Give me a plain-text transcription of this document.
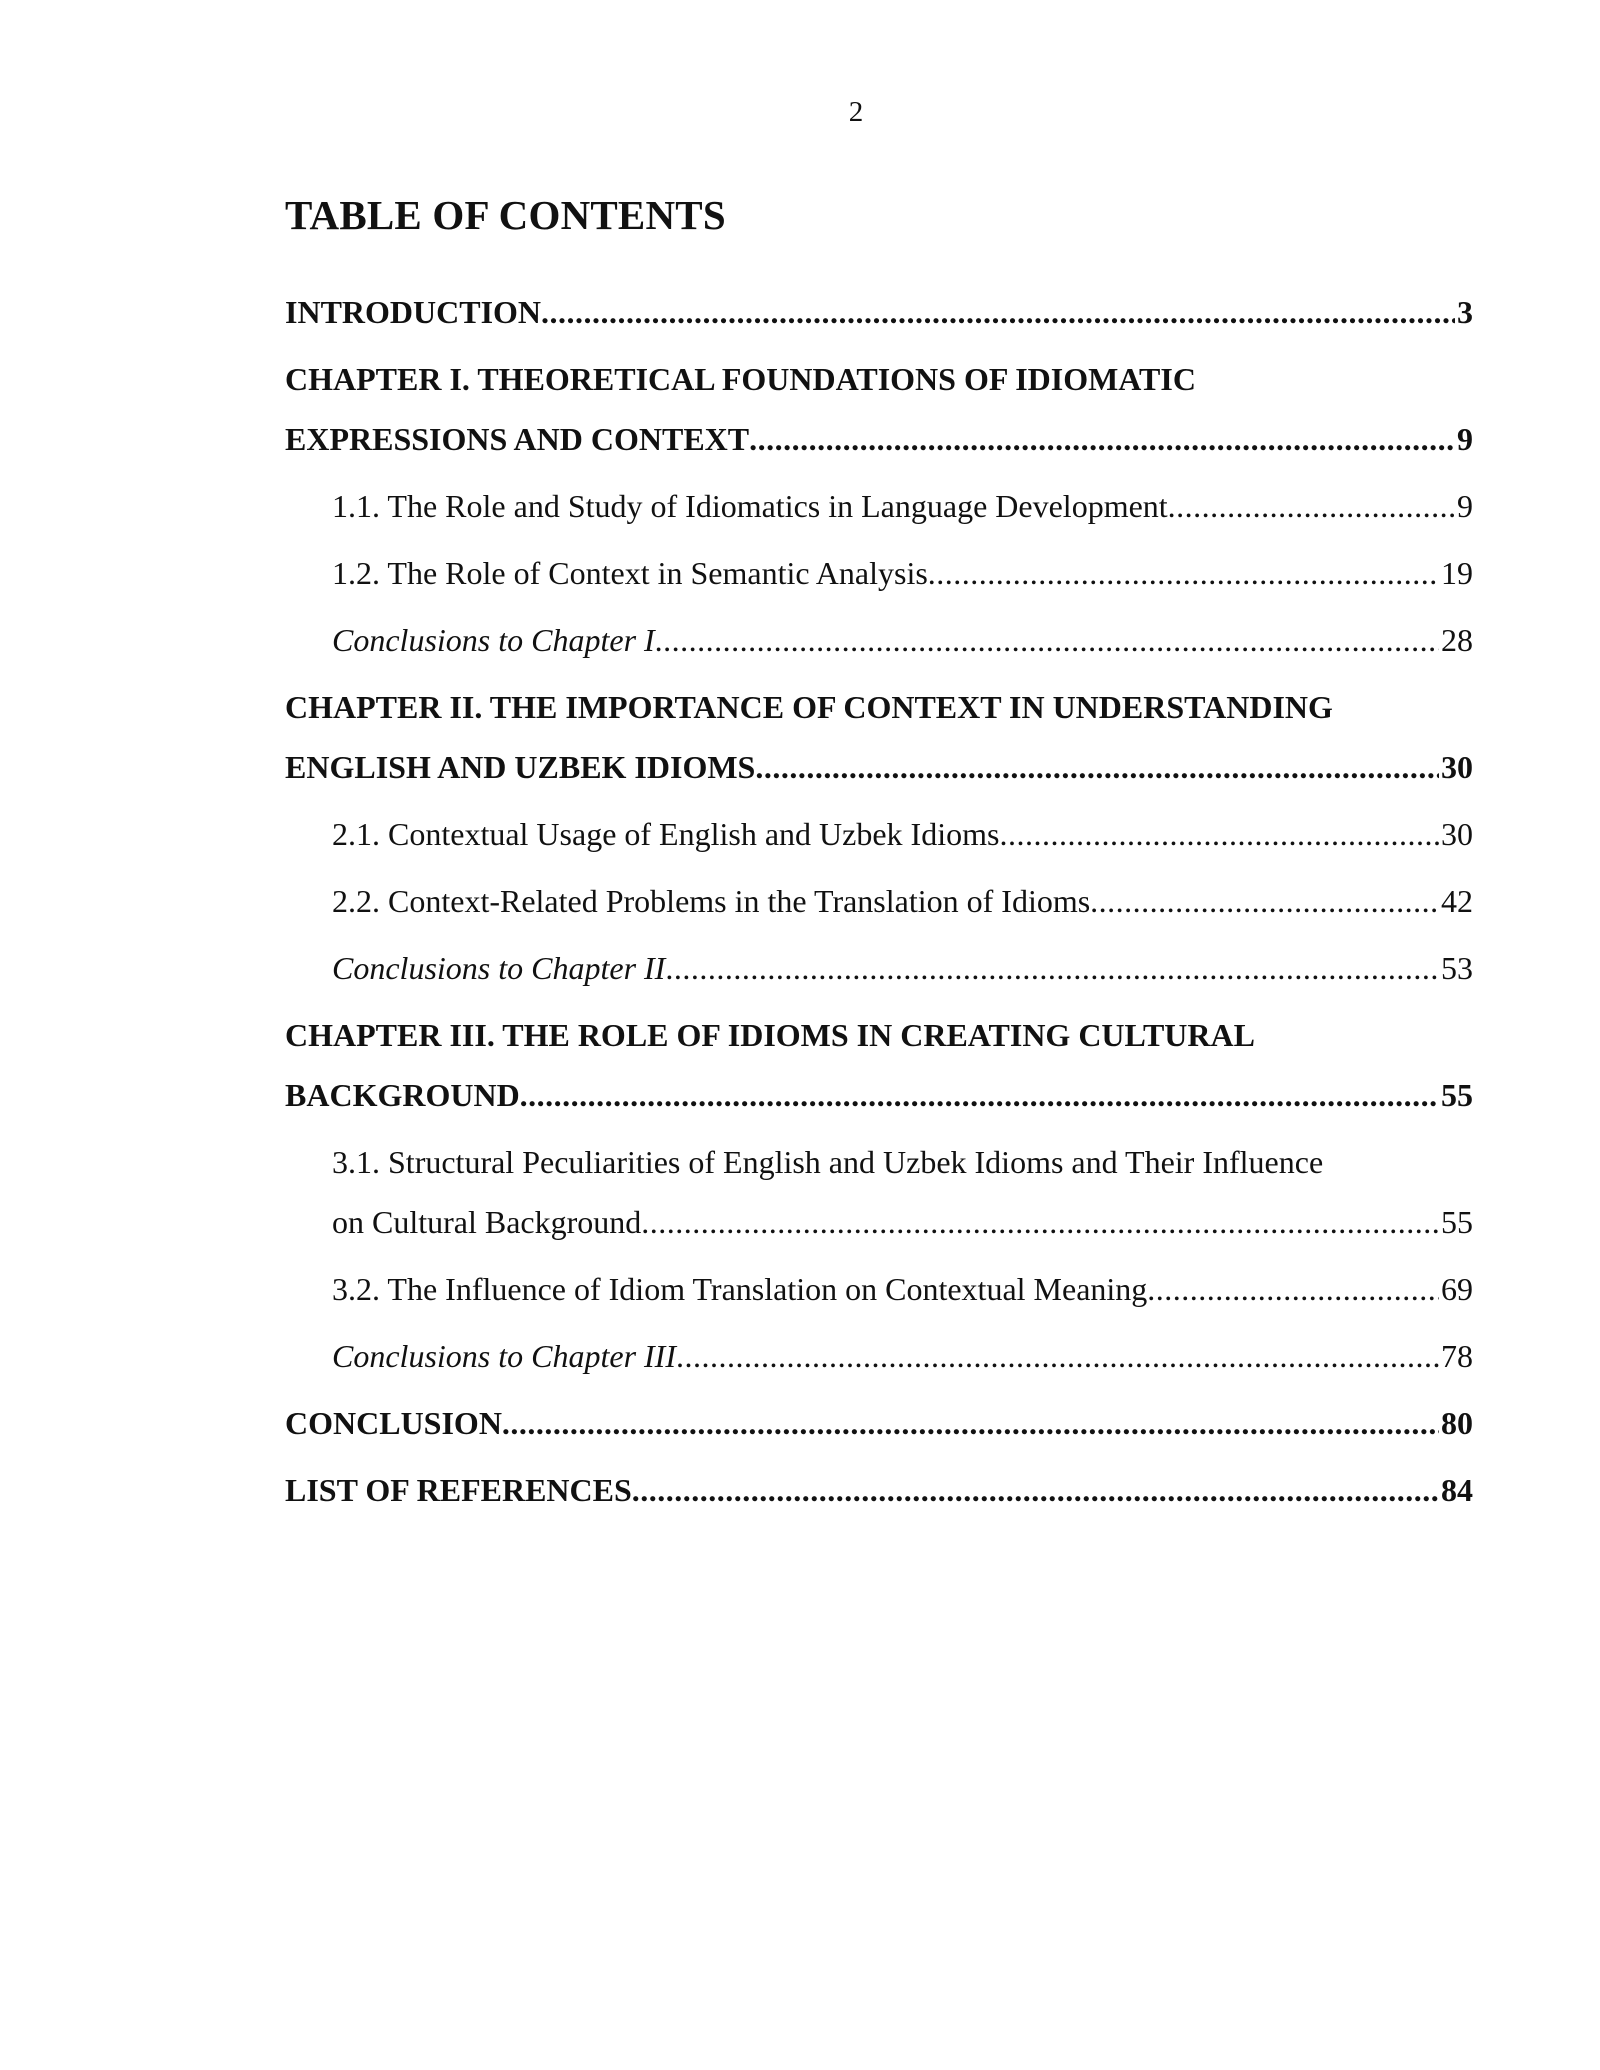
2
TABLE OF CONTENTS
INTRODUCTION .....	3
CHAPTER I. THEORETICAL FOUNDATIONS OF IDIOMATIC
EXPRESSIONS AND CONTEXT .....	9
1.1. The Role and Study of Idiomatics in Language Development .....	9
1.2. The Role of Context in Semantic Analysis .....	19
Conclusions to Chapter I .....	28
CHAPTER II. THE IMPORTANCE OF CONTEXT IN UNDERSTANDING
ENGLISH AND UZBEK IDIOMS .....	30
2.1. Contextual Usage of English and Uzbek Idioms .....	30
2.2. Context-Related Problems in the Translation of Idioms .....	42
Conclusions to Chapter II .....	53
CHAPTER III. THE ROLE OF IDIOMS IN CREATING CULTURAL
BACKGROUND .....	55
3.1. Structural Peculiarities of English and Uzbek Idioms and Their Influence
on Cultural Background .....	55
3.2. The Influence of Idiom Translation on Contextual Meaning .....	69
Conclusions to Chapter III .....	78
CONCLUSION .....	80
LIST OF REFERENCES .....	84
